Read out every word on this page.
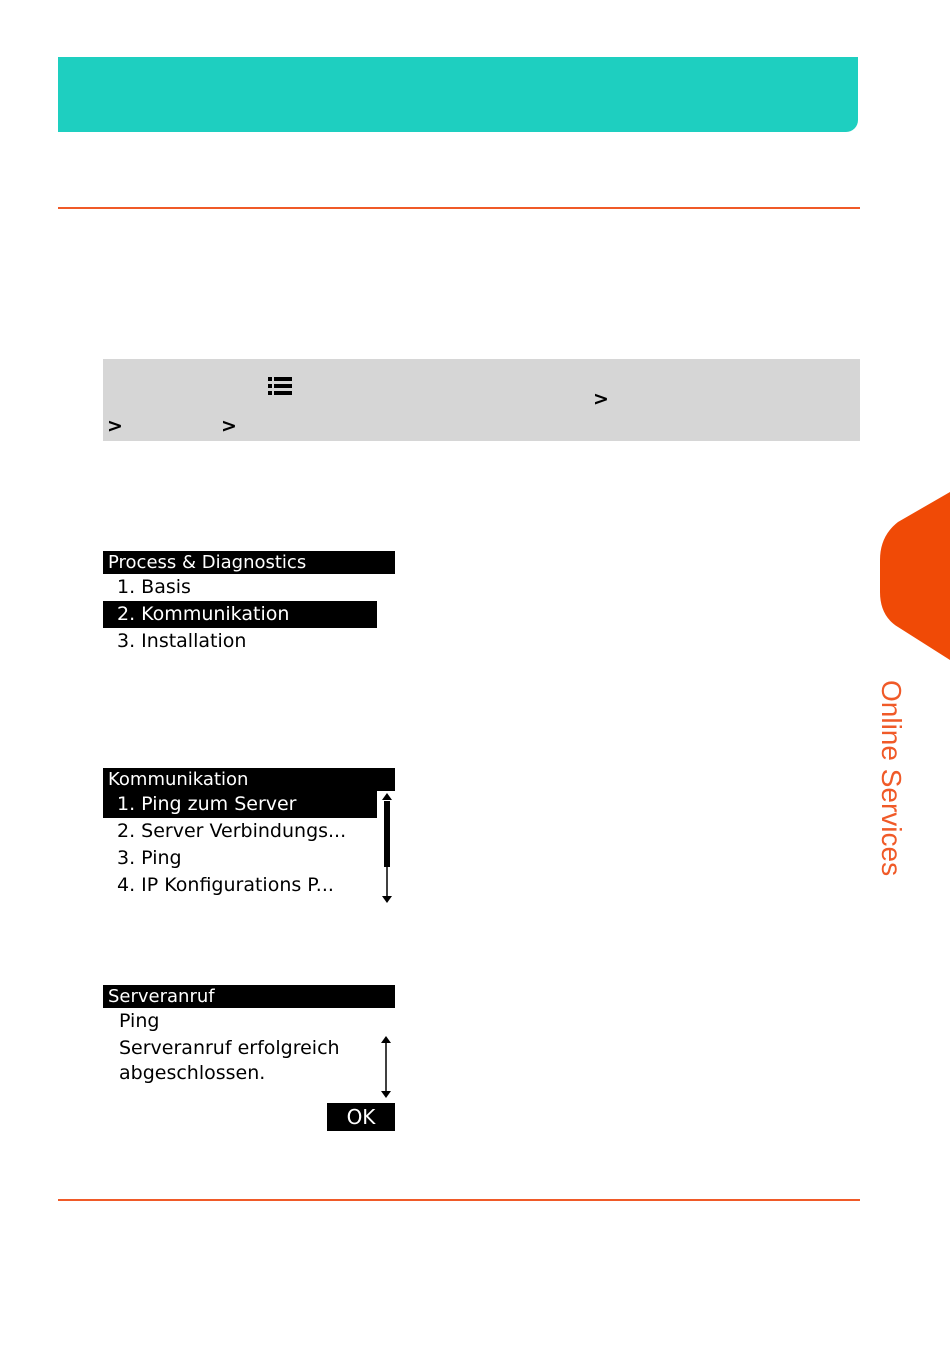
>
>	>
Process & Diagnostics
1. Basis
2. Kommunikation
3. Installation
Kommunikation
1. Ping zum Server
2. Server Verbindungs...
3. Ping
4. IP Konfigurations P...
Serveranruf
Ping
Serveranruf erfolgreich
abgeschlossen.
OK
Online Services
